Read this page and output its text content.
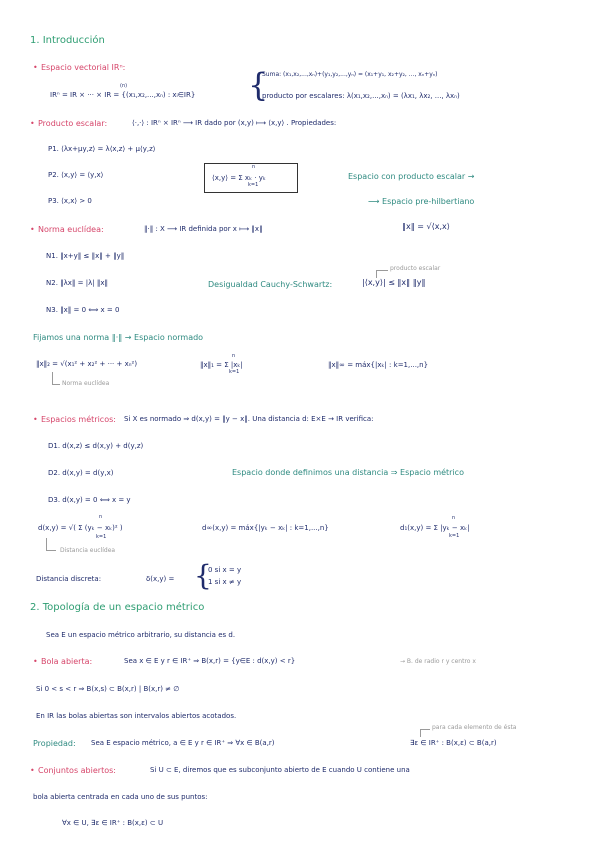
1. Introducción
• Espacio vectorial IRⁿ:
IRⁿ = IR × ··· × IR = {(x₁,x₂,...,xₙ) : xᵢ∈IR}
(n)	{
Suma: (x₁,x₂,...,xₙ)+(y₁,y₂,...,yₙ) = (x₁+y₁, x₂+y₂, ..., xₙ+yₙ)
producto por escalares: λ(x₁,x₂,...,xₙ) = (λx₁, λx₂, ..., λxₙ)
• Producto escalar:	⟨·,·⟩ : IRⁿ × IRⁿ ⟶ IR dado por (x,y) ⟼ ⟨x,y⟩ . Propiedades:
P1. ⟨λx+μy,z⟩ = λ⟨x,z⟩ + μ⟨y,z⟩
P2. ⟨x,y⟩ = ⟨y,x⟩
P3. ⟨x,x⟩ > 0
⟨x,y⟩ = Σ xₖ · yₖ
n
k=1
Espacio con producto escalar →
⟶ Espacio pre-hilbertiano
• Norma euclídea:	‖·‖ : X ⟶ IR definida por x ⟼ ‖x‖	‖x‖ = √⟨x,x⟩
N1. ‖x+y‖ ≤ ‖x‖ + ‖y‖
N2. ‖λx‖ = |λ| ‖x‖
N3. ‖x‖ = 0 ⟺ x = 0
Desigualdad Cauchy-Schwartz:	|⟨x,y⟩| ≤ ‖x‖ ‖y‖
producto escalar
Fijamos una norma ‖·‖ → Espacio normado
‖x‖₂ = √(x₁² + x₂² + ··· + xₙ²)
Norma euclídea
‖x‖₁ = Σ |xₖ|
n
k=1
‖x‖∞ = máx{|xₖ| : k=1,...,n}
• Espacios métricos: Si X es normado ⇒ d(x,y) = ‖y − x‖. Una distancia d: E×E → IR verifica:
D1. d(x,z) ≤ d(x,y) + d(y,z)
D2. d(x,y) = d(y,x)
D3. d(x,y) = 0 ⟺ x = y
Espacio donde definimos una distancia ⇒ Espacio métrico
d(x,y) = √( Σ (yₖ − xₖ)² )
n
k=1
Distancia euclídea
d∞(x,y) = máx{|yₖ − xₖ| : k=1,...,n}	d₁(x,y) = Σ |yₖ − xₖ|
n
k=1
Distancia discreta:	δ(x,y) = {
0 si x = y
1 si x ≠ y
2. Topología de un espacio métrico
Sea E un espacio métrico arbitrario, su distancia es d.
• Bola abierta:	Sea x ∈ E y r ∈ IR⁺ ⇒ B(x,r) = {y∈E : d(x,y) < r}	→ B. de radio r y centro x
Si 0 < s < r ⇒ B(x,s) ⊂ B(x,r) | B(x,r) ≠ ∅
En IR las bolas abiertas son intervalos abiertos acotados.
Propiedad: Sea E espacio métrico, a ∈ E y r ∈ IR⁺ ⇒ ∀x ∈ B(a,r)	∃ε ∈ IR⁺ : B(x,ε) ⊂ B(a,r)
para cada elemento de ésta
• Conjuntos abiertos:	Si U ⊂ E, diremos que es subconjunto abierto de E cuando U contiene una
bola abierta centrada en cada uno de sus puntos:
∀x ∈ U, ∃ε ∈ IR⁺ : B(x,ε) ⊂ U
